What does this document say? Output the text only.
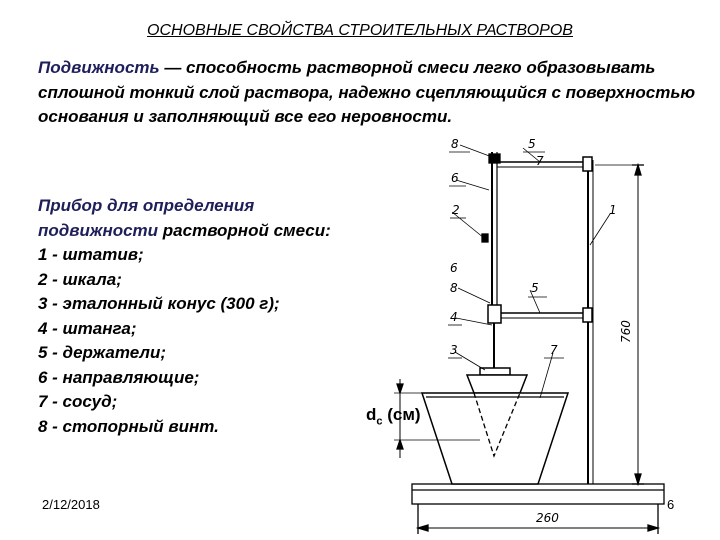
ОСНОВНЫЕ СВОЙСТВА СТРОИТЕЛЬНЫХ РАСТВОРОВ
Подвижность — способность растворной смеси легко образовывать сплошной тонкий слой раствора, надежно сцепляющийся с поверхностью основания и заполняющий все его неровности.
Прибор для определения подвижности растворной смеси:
1 - штатив;
2 - шкала;
3 - эталонный конус (300 г);
4 - штанга;
5 - держатели;
6 - направляющие;
7 - сосуд;
8 - стопорный винт.
8	5
7
6
2	1
6
8	5
4
3	7
260
760
$d_c$ (см)
2/12/2018	6
